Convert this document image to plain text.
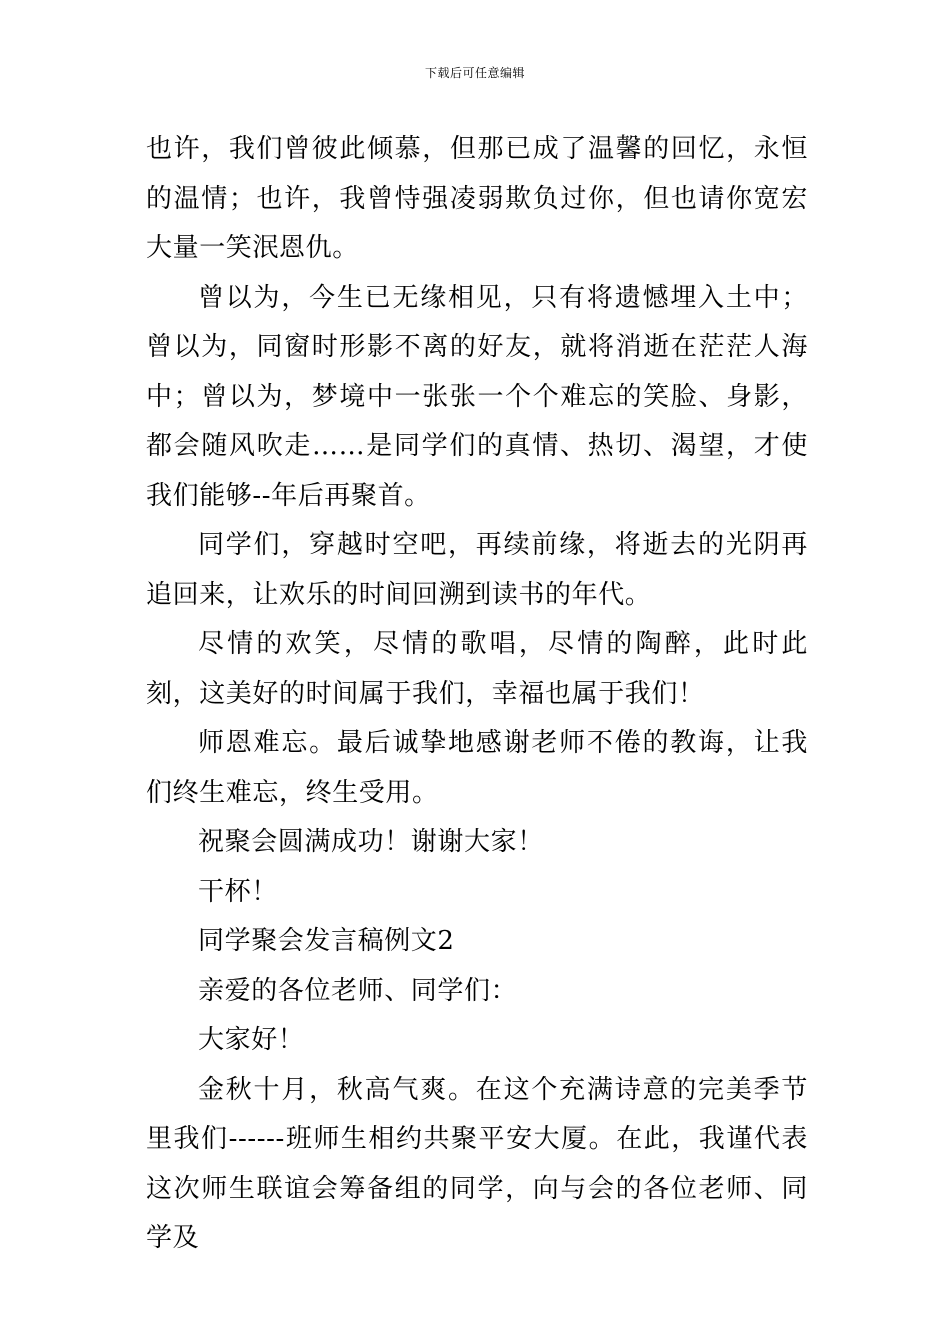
下载后可任意编辑

也许，我们曾彼此倾慕，但那已成了温馨的回忆，永恒的温情；也许，我曾恃强凌弱欺负过你，但也请你宽宏大量一笑泯恩仇。

曾以为，今生已无缘相见，只有将遗憾埋入土中；曾以为，同窗时形影不离的好友，就将消逝在茫茫人海中；曾以为，梦境中一张张一个个难忘的笑脸、身影，都会随风吹走……是同学们的真情、热切、渴望，才使我们能够--年后再聚首。

同学们，穿越时空吧，再续前缘，将逝去的光阴再追回来，让欢乐的时间回溯到读书的年代。

尽情的欢笑，尽情的歌唱，尽情的陶醉，此时此刻，这美好的时间属于我们，幸福也属于我们！

师恩难忘。最后诚挚地感谢老师不倦的教诲，让我们终生难忘，终生受用。

祝聚会圆满成功！谢谢大家！

干杯！

同学聚会发言稿例文2

亲爱的各位老师、同学们：

大家好！

金秋十月，秋高气爽。在这个充满诗意的完美季节里我们------班师生相约共聚平安大厦。在此，我谨代表这次师生联谊会筹备组的同学，向与会的各位老师、同学及
